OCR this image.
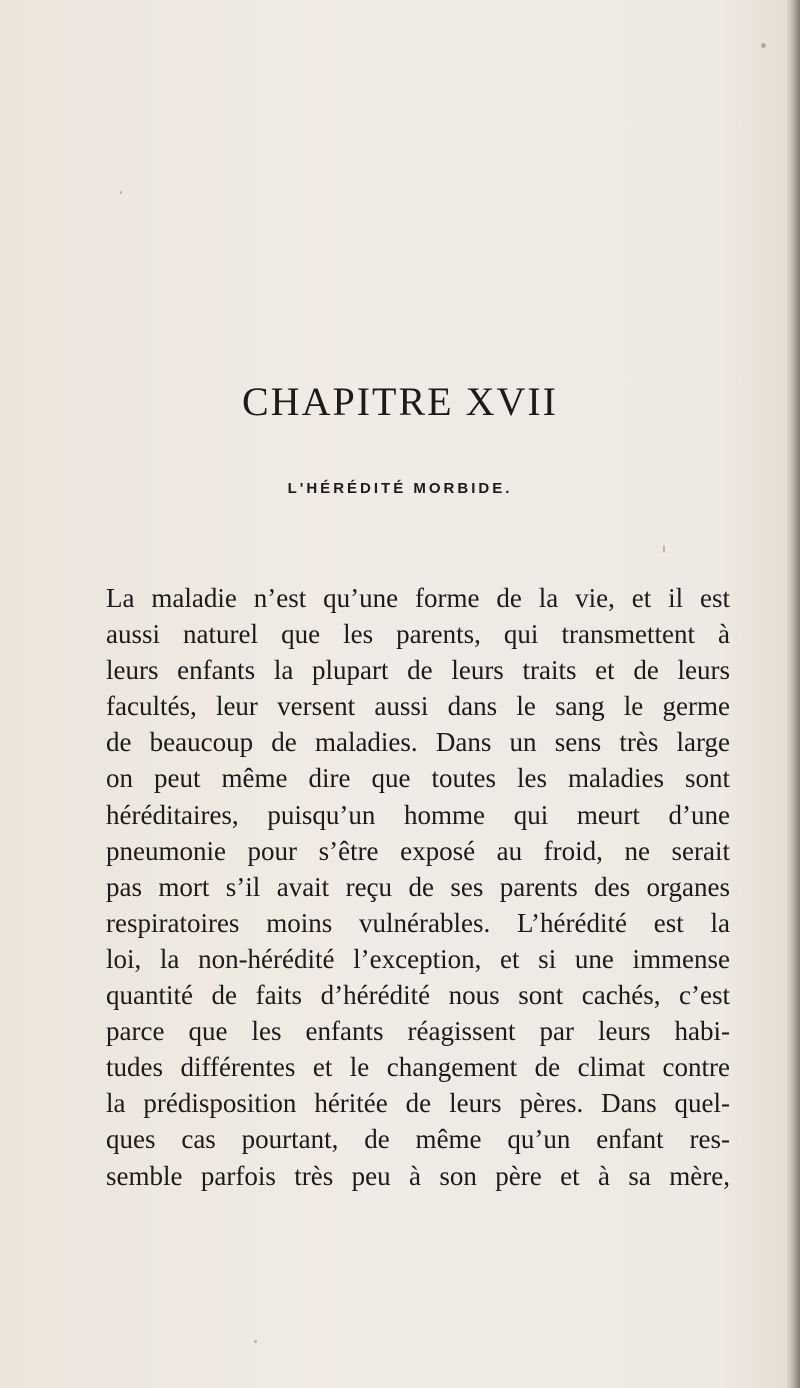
CHAPITRE XVII
L'HÉRÉDITÉ MORBIDE.
La maladie n’est qu’une forme de la vie, et il est
aussi naturel que les parents, qui transmettent à
leurs enfants la plupart de leurs traits et de leurs
facultés, leur versent aussi dans le sang le germe
de beaucoup de maladies. Dans un sens très large
on peut même dire que toutes les maladies sont
héréditaires, puisqu’un homme qui meurt d’une
pneumonie pour s’être exposé au froid, ne serait
pas mort s’il avait reçu de ses parents des organes
respiratoires moins vulnérables. L’hérédité est la
loi, la non-hérédité l’exception, et si une immense
quantité de faits d’hérédité nous sont cachés, c’est
parce que les enfants réagissent par leurs habi-
tudes différentes et le changement de climat contre
la prédisposition héritée de leurs pères. Dans quel-
ques cas pourtant, de même qu’un enfant res-
semble parfois très peu à son père et à sa mère,
